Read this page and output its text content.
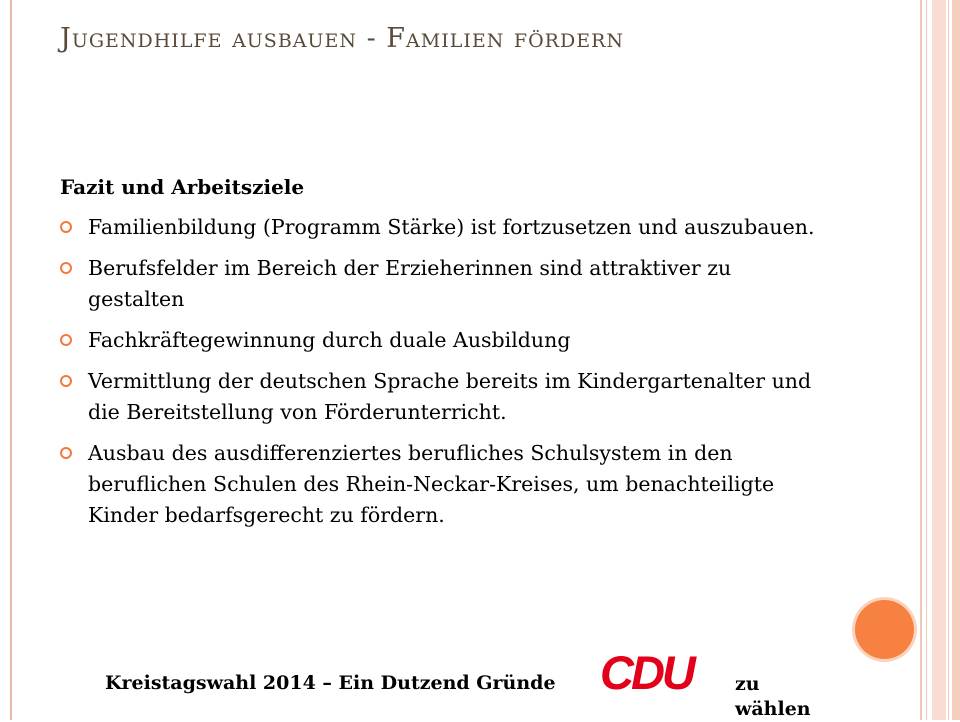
Jugendhilfe ausbauen - Familien fördern
Fazit und Arbeitsziele
Familienbildung (Programm Stärke) ist fortzusetzen und auszubauen.
Berufsfelder im Bereich der Erzieherinnen sind attraktiver zu gestalten
Fachkräftegewinnung durch duale Ausbildung
Vermittlung der deutschen Sprache bereits im Kindergartenalter und die Bereitstellung von Förderunterricht.
Ausbau des ausdifferenziertes berufliches Schulsystem in den beruflichen Schulen des Rhein-Neckar-Kreises, um benachteiligte Kinder bedarfsgerecht zu fördern.
Kreistagswahl 2014 – Ein Dutzend Gründe CDU	zu wählen
